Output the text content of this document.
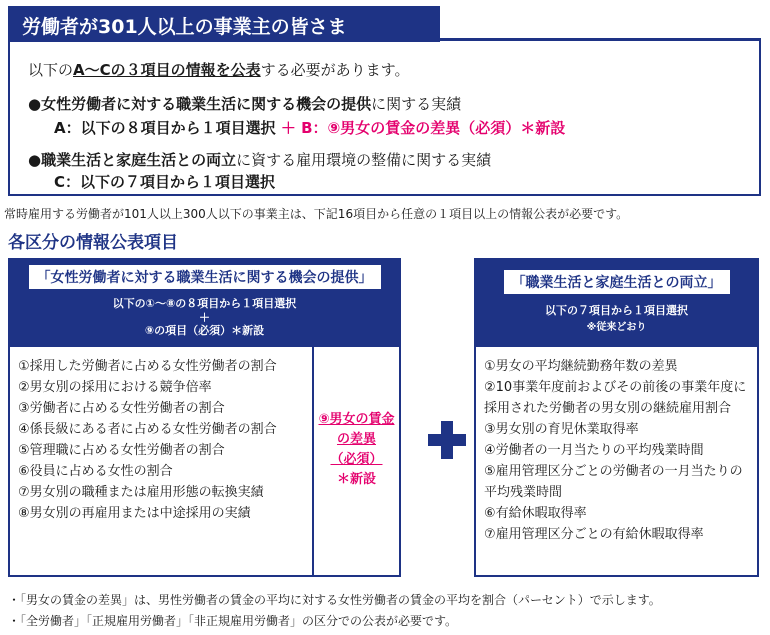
労働者が301人以上の事業主の皆さま
以下のA〜Cの３項目の情報を公表する必要があります。
●女性労働者に対する職業生活に関する機会の提供に関する実績
A：以下の８項目から１項目選択 ＋ B：⑨男女の賃金の差異（必須）＊新設
●職業生活と家庭生活との両立に資する雇用環境の整備に関する実績
C：以下の７項目から１項目選択
常時雇用する労働者が101人以上300人以下の事業主は、下記16項目から任意の１項目以上の情報公表が必要です。
各区分の情報公表項目
「女性労働者に対する職業生活に関する機会の提供」
以下の①〜⑧の８項目から１項目選択
＋
⑨の項目（必須）＊新設
①採用した労働者に占める女性労働者の割合
②男女別の採用における競争倍率
③労働者に占める女性労働者の割合
④係長級にある者に占める女性労働者の割合
⑤管理職に占める女性労働者の割合
⑥役員に占める女性の割合
⑦男女別の職種または雇用形態の転換実績
⑧男女別の再雇用または中途採用の実績
⑨男女の賃金
の差異
（必須）
＊新設
「職業生活と家庭生活との両立」
以下の７項目から１項目選択
※従来どおり
①男女の平均継続勤務年数の差異
②10事業年度前およびその前後の事業年度に採用された労働者の男女別の継続雇用割合
③男女別の育児休業取得率
④労働者の一月当たりの平均残業時間
⑤雇用管理区分ごとの労働者の一月当たりの平均残業時間
⑥有給休暇取得率
⑦雇用管理区分ごとの有給休暇取得率
・「男女の賃金の差異」は、男性労働者の賃金の平均に対する女性労働者の賃金の平均を割合（パーセント）で示します。
・「全労働者」「正規雇用労働者」「非正規雇用労働者」の区分での公表が必要です。
